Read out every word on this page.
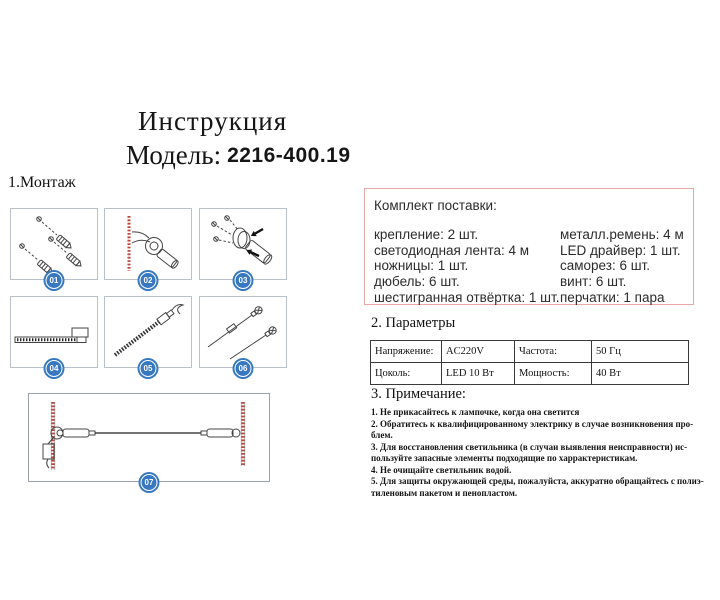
Инструкция
Модель: 2216-400.19
1.Монтаж
01	02	03
04	05	06
07
Комплект поставки:
крепление: 2 шт.
светодиодная лента: 4 м
ножницы: 1 шт.
дюбель: 6 шт.
шестигранная отвёртка: 1 шт.
металл.ремень: 4 м
LED драйвер: 1 шт.
саморез: 6 шт.
винт: 6 шт.
перчатки: 1 пара
2. Параметры
Напряжение:	AC220V	Частота:	50 Гц
Цоколь:	LED 10 Вт	Мощность:	40 Вт
3. Примечание:
1. Не прикасайтесь к лампочке, когда она светится
2. Обратитесь к квалифицированному электрику в случае возникновения про-
блем.
3. Для восстановления светильника (в случаи выявления неисправности) ис-
пользуйте запасные элементы подходящие по харрактеристикам.
4. Не очищайте светильник водой.
5. Для защиты окружающей среды, пожалуйста, аккуратно обращайтесь с полиэ-
тиленовым пакетом и пенопластом.
